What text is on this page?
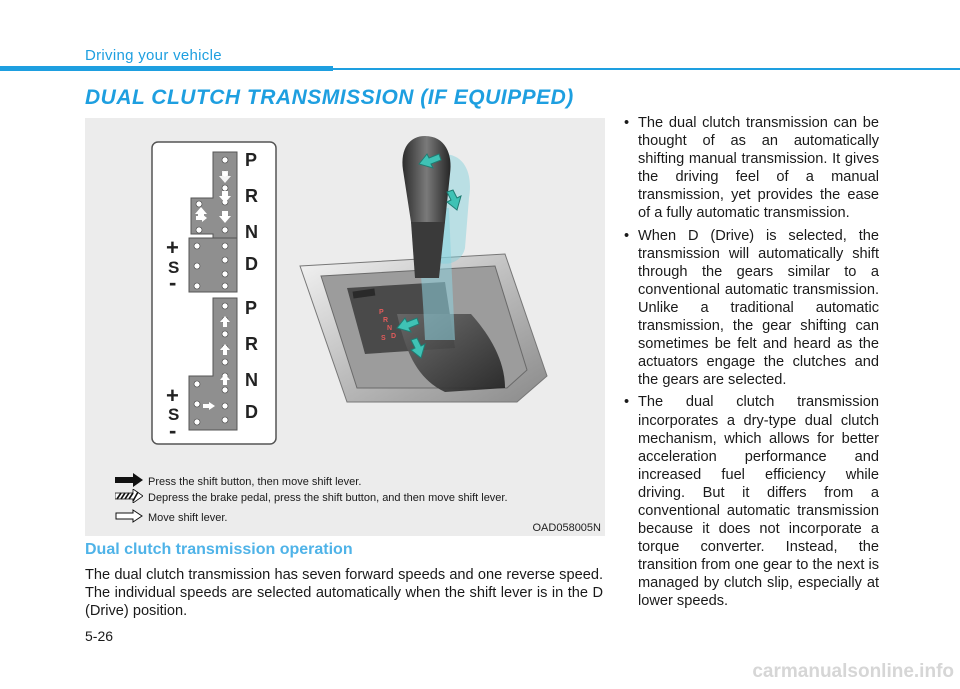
Driving your vehicle
DUAL CLUTCH TRANSMISSION (IF EQUIPPED)
P
R
N
D
+
S
-
P
R
N
D
+
S
-
P
R
N
D
S
Press the shift button, then move shift lever.
Depress the brake pedal, press the shift button, and then move shift lever.
Move shift lever.
OAD058005N
Dual clutch transmission operation
The dual clutch transmission has seven forward speeds and one reverse speed. The individual speeds are selected automatically when the shift lever is in the D (Drive) position.
• The dual clutch transmission can be thought of as an automatically shifting manual transmission. It gives the driving feel of a manual transmission, yet provides the ease of a fully automatic transmission.
• When D (Drive) is selected, the transmission will automatically shift through the gears similar to a conventional automatic transmission. Unlike a traditional automatic transmission, the gear shifting can sometimes be felt and heard as the actuators engage the clutches and the gears are selected.
• The dual clutch transmission incorporates a dry-type dual clutch mechanism, which allows for better acceleration performance and increased fuel efficiency while driving. But it differs from a conventional automatic transmission because it does not incorporate a torque converter. Instead, the transition from one gear to the next is managed by clutch slip, especially at lower speeds.
5-26
carmanualsonline.info
